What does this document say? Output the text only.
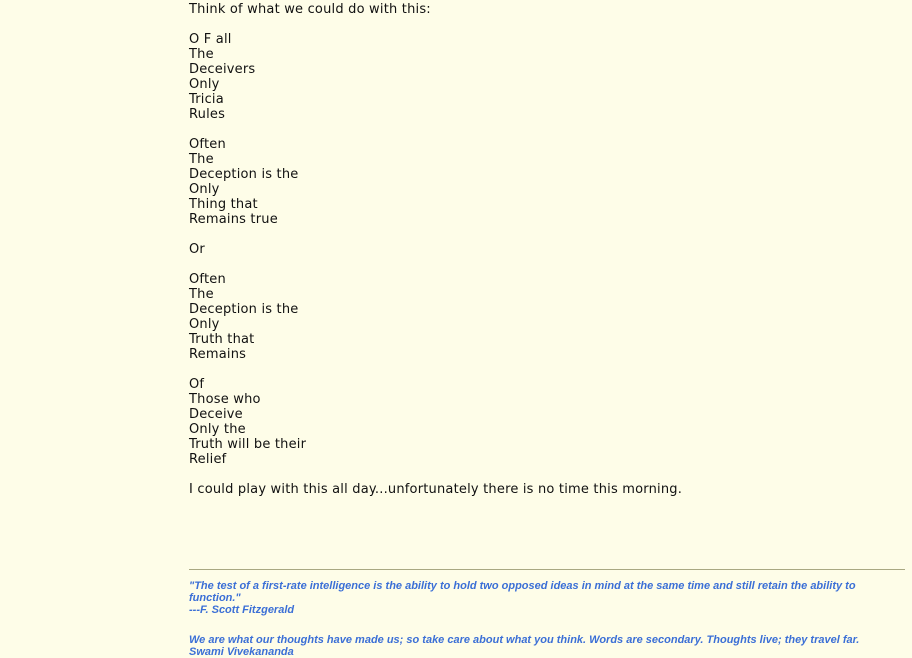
Think of what we could do with this:
O F all
The
Deceivers
Only
Tricia
Rules
Often
The
Deception is the
Only
Thing that
Remains true
Or
Often
The
Deception is the
Only
Truth that
Remains
Of
Those who
Deceive
Only the
Truth will be their
Relief
I could play with this all day...unfortunately there is no time this morning.
"The test of a first-rate intelligence is the ability to hold two opposed ideas in mind at the same time and still retain the ability to function."
---F. Scott Fitzgerald
We are what our thoughts have made us; so take care about what you think. Words are secondary. Thoughts live; they travel far.
Swami Vivekananda
